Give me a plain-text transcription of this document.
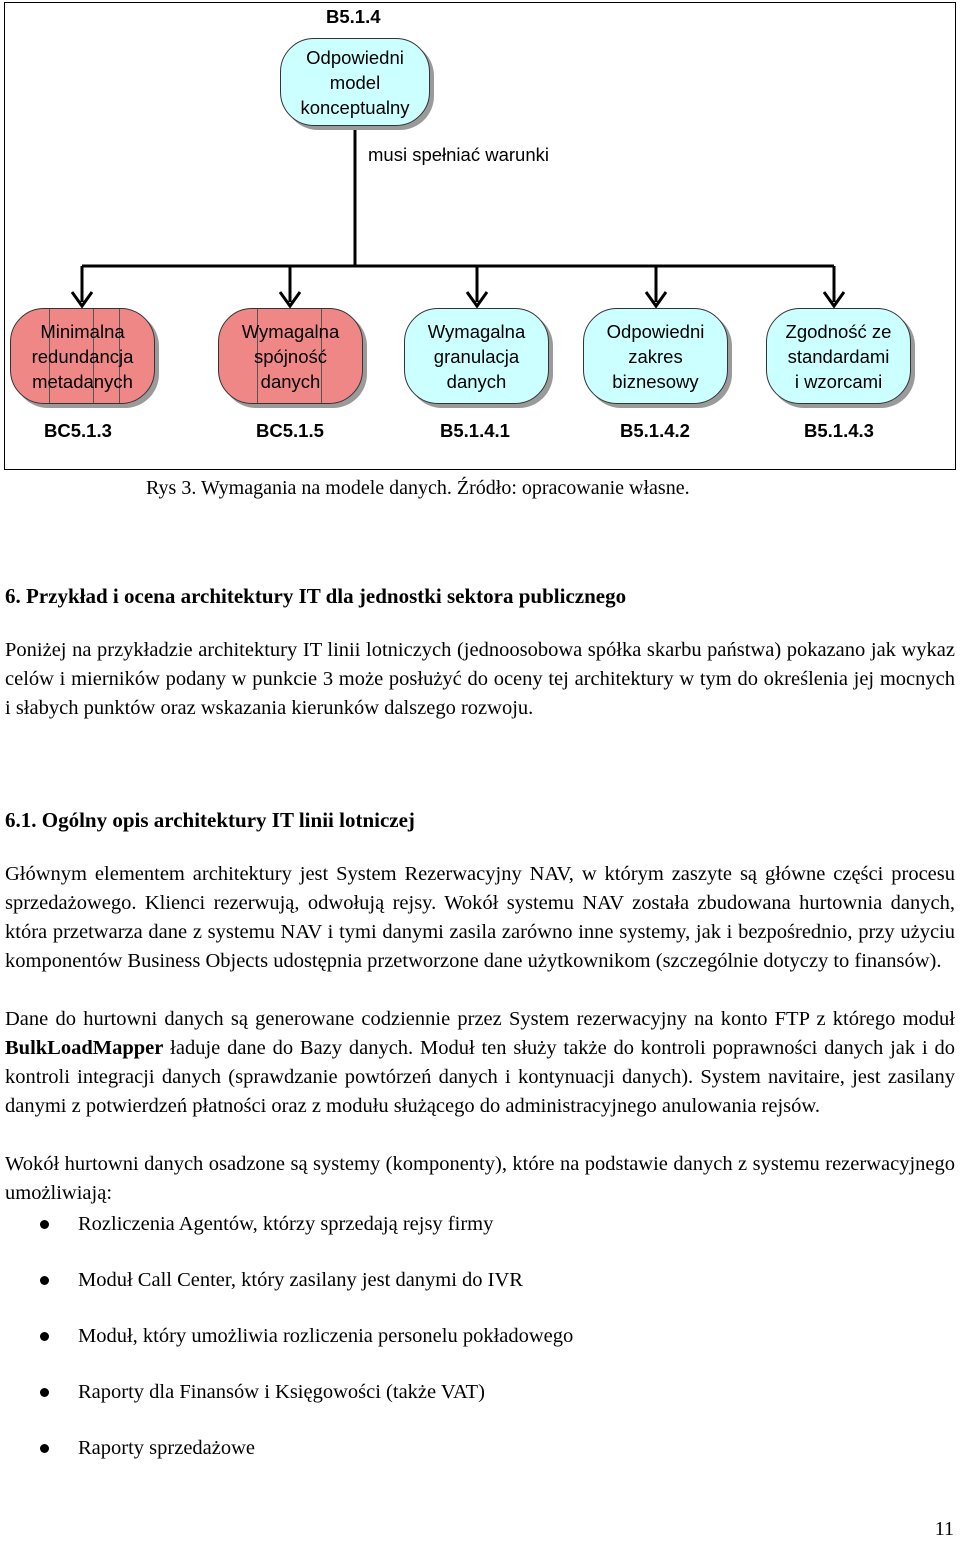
B5.1.4
Odpowiedni
model
konceptualny
musi spełniać warunki
Minimalna
redundancja
metadanych
Wymagalna
spójność
danych
Wymagalna
granulacja
danych
Odpowiedni
zakres
biznesowy
Zgodność ze
standardami
i wzorcami
BC5.1.3	BC5.1.5	B5.1.4.1	B5.1.4.2	B5.1.4.3
Rys 3. Wymagania na modele danych. Źródło: opracowanie własne.
6. Przykład i ocena architektury IT dla jednostki sektora publicznego

Poniżej na przykładzie architektury IT linii lotniczych (jednoosobowa spółka skarbu państwa) pokazano jak wykaz celów i mierników podany w punkcie 3 może posłużyć do oceny tej architektury w tym do określenia jej mocnych i słabych punktów oraz wskazania kierunków dalszego rozwoju.

6.1. Ogólny opis architektury IT linii lotniczej

Głównym elementem architektury jest System Rezerwacyjny NAV, w którym zaszyte są główne części procesu sprzedażowego. Klienci rezerwują, odwołują rejsy. Wokół systemu NAV została zbudowana hurtownia danych, która przetwarza dane z systemu NAV i tymi danymi zasila zarówno inne systemy, jak i bezpośrednio, przy użyciu komponentów Business Objects udostępnia przetworzone dane użytkownikom (szczególnie dotyczy to finansów).

Dane do hurtowni danych są generowane codziennie przez System rezerwacyjny na konto FTP z którego moduł BulkLoadMapper ładuje dane do Bazy danych. Moduł ten służy także do kontroli poprawności danych jak i do kontroli integracji danych (sprawdzanie powtórzeń danych i kontynuacji danych). System navitaire, jest zasilany danymi z potwierdzeń płatności oraz z modułu służącego do administracyjnego anulowania rejsów.

Wokół hurtowni danych osadzone są systemy (komponenty), które na podstawie danych z systemu rezerwacyjnego umożliwiają:

Rozliczenia Agentów, którzy sprzedają rejsy firmy
Moduł Call Center, który zasilany jest danymi do IVR
Moduł, który umożliwia rozliczenia personelu pokładowego
Raporty dla Finansów i Księgowości (także VAT)
Raporty sprzedażowe
11
